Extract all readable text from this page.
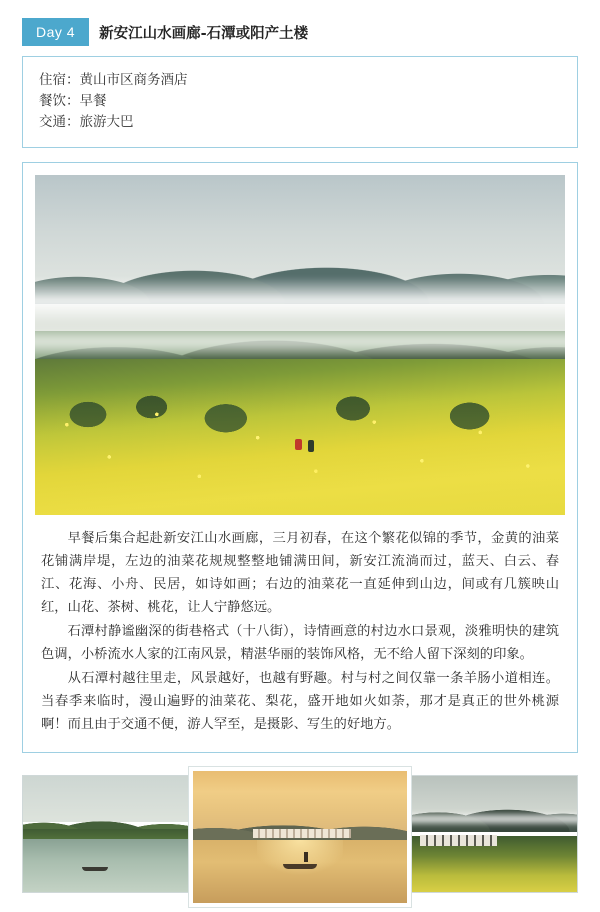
Day 4	新安江山水画廊-石潭或阳产土楼
住宿：黄山市区商务酒店
餐饮：早餐
交通：旅游大巴

早餐后集合起赴新安江山水画廊，三月初春，在这个繁花似锦的季节，金黄的油菜花铺满岸堤，左边的油菜花规规整整地铺满田间，新安江流淌而过，蓝天、白云、春江、花海、小舟、民居，如诗如画；右边的油菜花一直延伸到山边，间或有几簇映山红，山花、茶树、桃花，让人宁静悠远。

石潭村静谧幽深的街巷格式（十八街），诗情画意的村边水口景观，淡雅明快的建筑色调，小桥流水人家的江南风景，精湛华丽的装饰风格，无不给人留下深刻的印象。

从石潭村越往里走，风景越好，也越有野趣。村与村之间仅靠一条羊肠小道相连。当春季来临时，漫山遍野的油菜花、梨花，盛开地如火如荼，那才是真正的世外桃源啊！而且由于交通不便，游人罕至，是摄影、写生的好地方。
